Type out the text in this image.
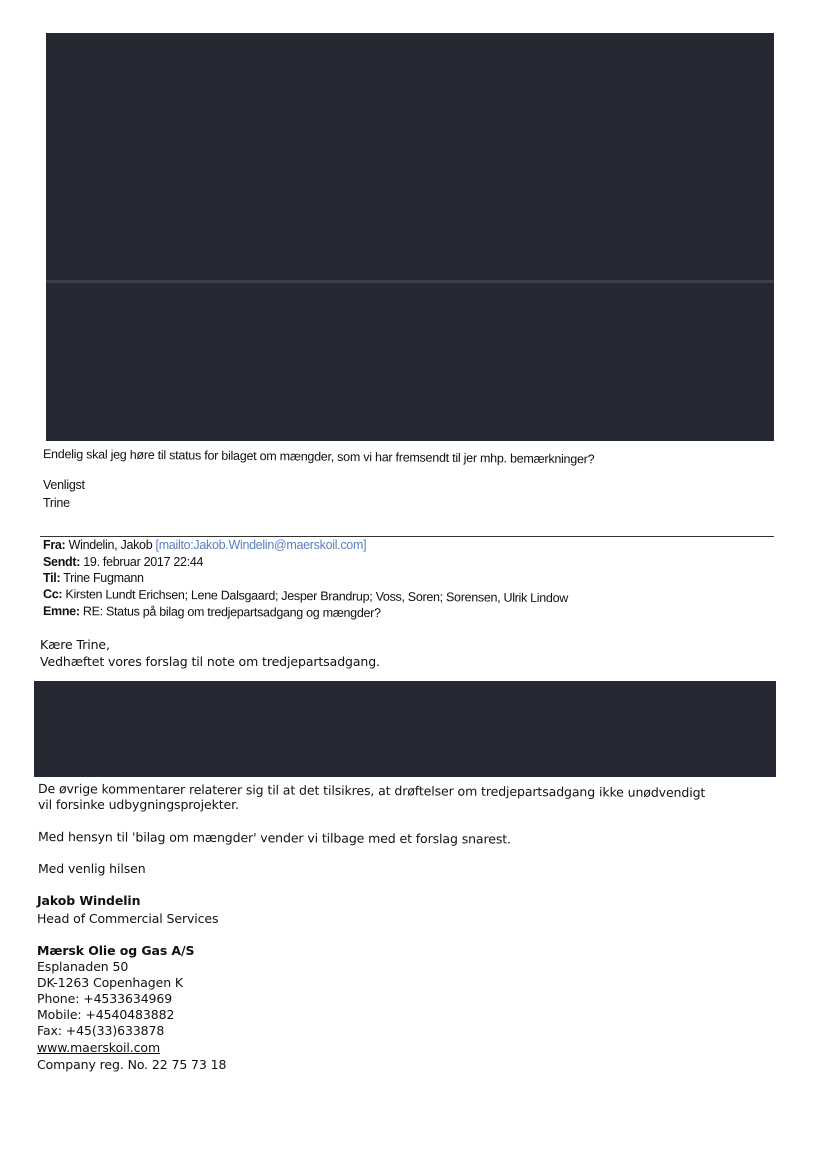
Endelig skal jeg høre til status for bilaget om mængder, som vi har fremsendt til jer mhp. bemærkninger?
Venligst
Trine
Fra: Windelin, Jakob [mailto:Jakob.Windelin@maerskoil.com]
Sendt: 19. februar 2017 22:44
Til: Trine Fugmann
Cc: Kirsten Lundt Erichsen; Lene Dalsgaard; Jesper Brandrup; Voss, Soren; Sorensen, Ulrik Lindow
Emne: RE: Status på bilag om tredjepartsadgang og mængder?
Kære Trine,
Vedhæftet vores forslag til note om tredjepartsadgang.
De øvrige kommentarer relaterer sig til at det tilsikres, at drøftelser om tredjepartsadgang ikke unødvendigt
vil forsinke udbygningsprojekter.
Med hensyn til 'bilag om mængder' vender vi tilbage med et forslag snarest.
Med venlig hilsen
Jakob Windelin
Head of Commercial Services
Mærsk Olie og Gas A/S
Esplanaden 50
DK-1263 Copenhagen K
Phone: +4533634969
Mobile: +4540483882
Fax: +45(33)633878
www.maerskoil.com
Company reg. No. 22 75 73 18
